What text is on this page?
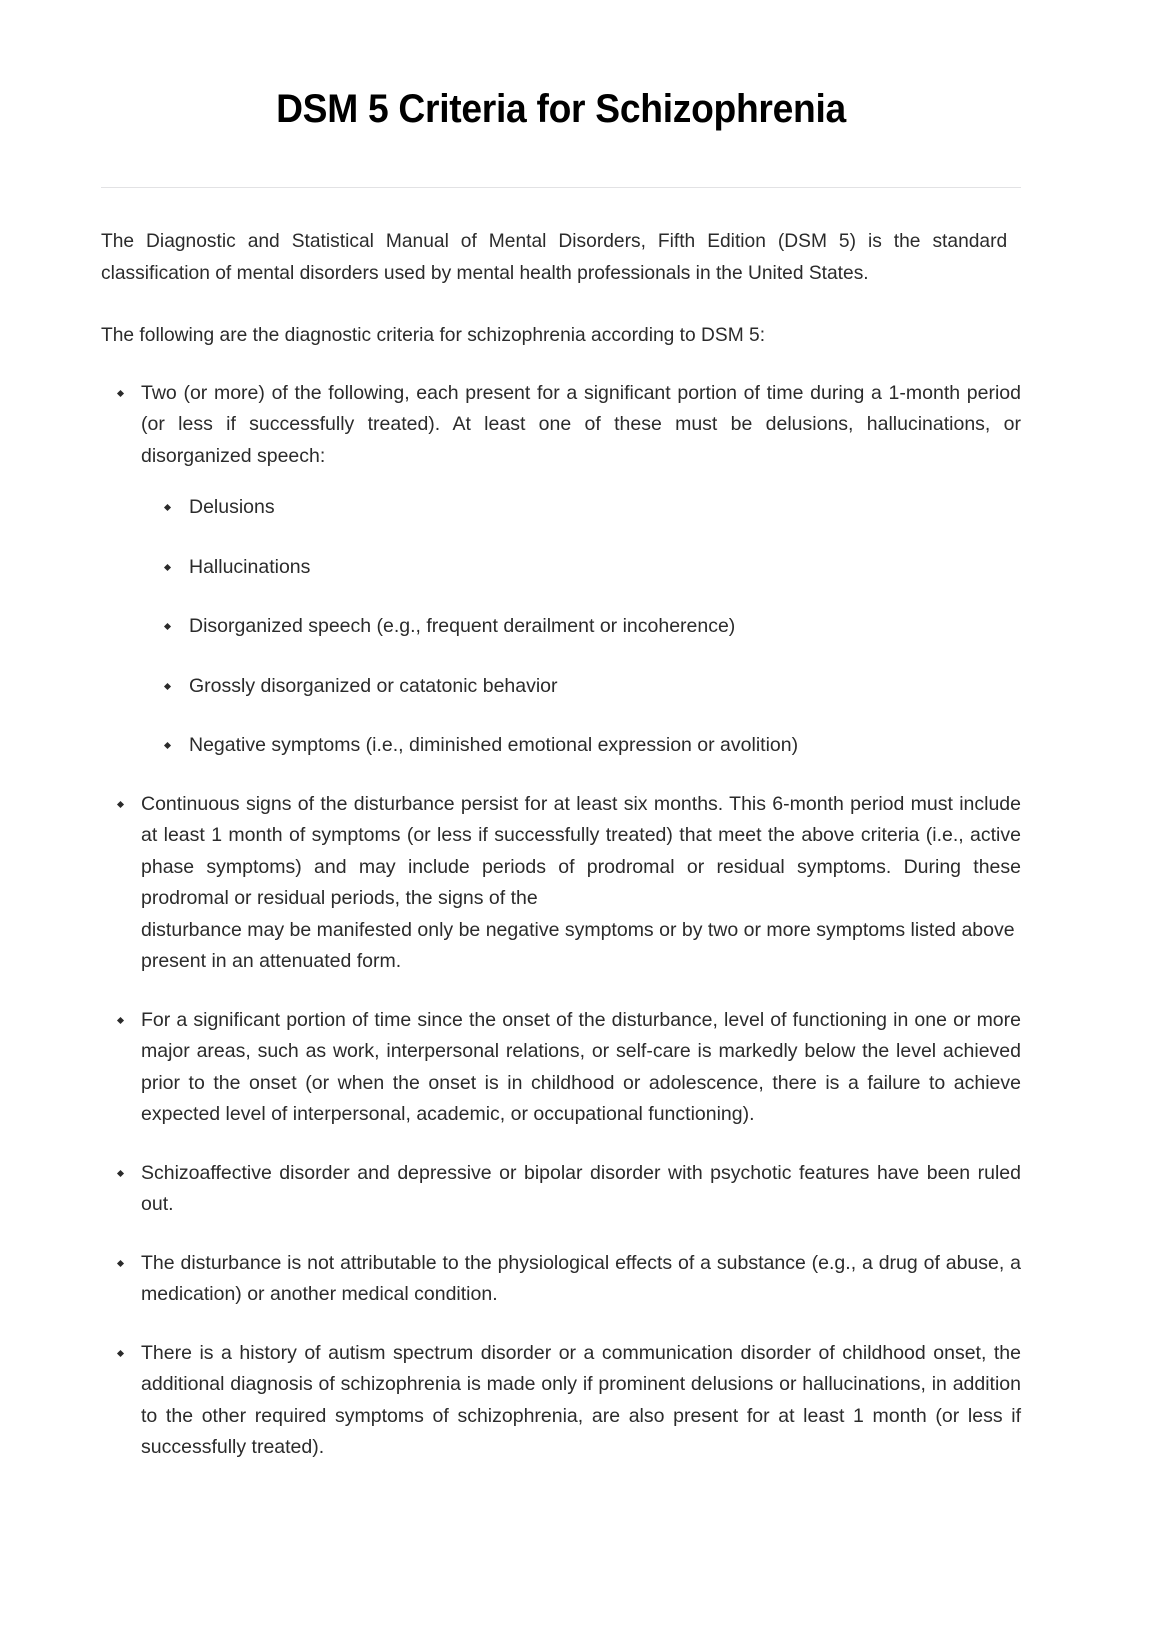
DSM 5 Criteria for Schizophrenia

The Diagnostic and Statistical Manual of Mental Disorders, Fifth Edition (DSM 5) is the standard classification of mental disorders used by mental health professionals in the United States.

The following are the diagnostic criteria for schizophrenia according to DSM 5:

Two (or more) of the following, each present for a significant portion of time during a 1-month period (or less if successfully treated). At least one of these must be delusions, hallucinations, or disorganized speech:
Delusions
Hallucinations
Disorganized speech (e.g., frequent derailment or incoherence)
Grossly disorganized or catatonic behavior
Negative symptoms (i.e., diminished emotional expression or avolition)
Continuous signs of the disturbance persist for at least six months. This 6-month period must include at least 1 month of symptoms (or less if successfully treated) that meet the above criteria (i.e., active phase symptoms) and may include periods of prodromal or residual symptoms. During these prodromal or residual periods, the signs of the
disturbance may be manifested only be negative symptoms or by two or more symptoms listed above present in an attenuated form.
For a significant portion of time since the onset of the disturbance, level of functioning in one or more major areas, such as work, interpersonal relations, or self-care is markedly below the level achieved prior to the onset (or when the onset is in childhood or adolescence, there is a failure to achieve expected level of interpersonal, academic, or occupational functioning).
Schizoaffective disorder and depressive or bipolar disorder with psychotic features have been ruled out.
The disturbance is not attributable to the physiological effects of a substance (e.g., a drug of abuse, a medication) or another medical condition.
There is a history of autism spectrum disorder or a communication disorder of childhood onset, the additional diagnosis of schizophrenia is made only if prominent delusions or hallucinations, in addition to the other required symptoms of schizophrenia, are also present for at least 1 month (or less if successfully treated).
